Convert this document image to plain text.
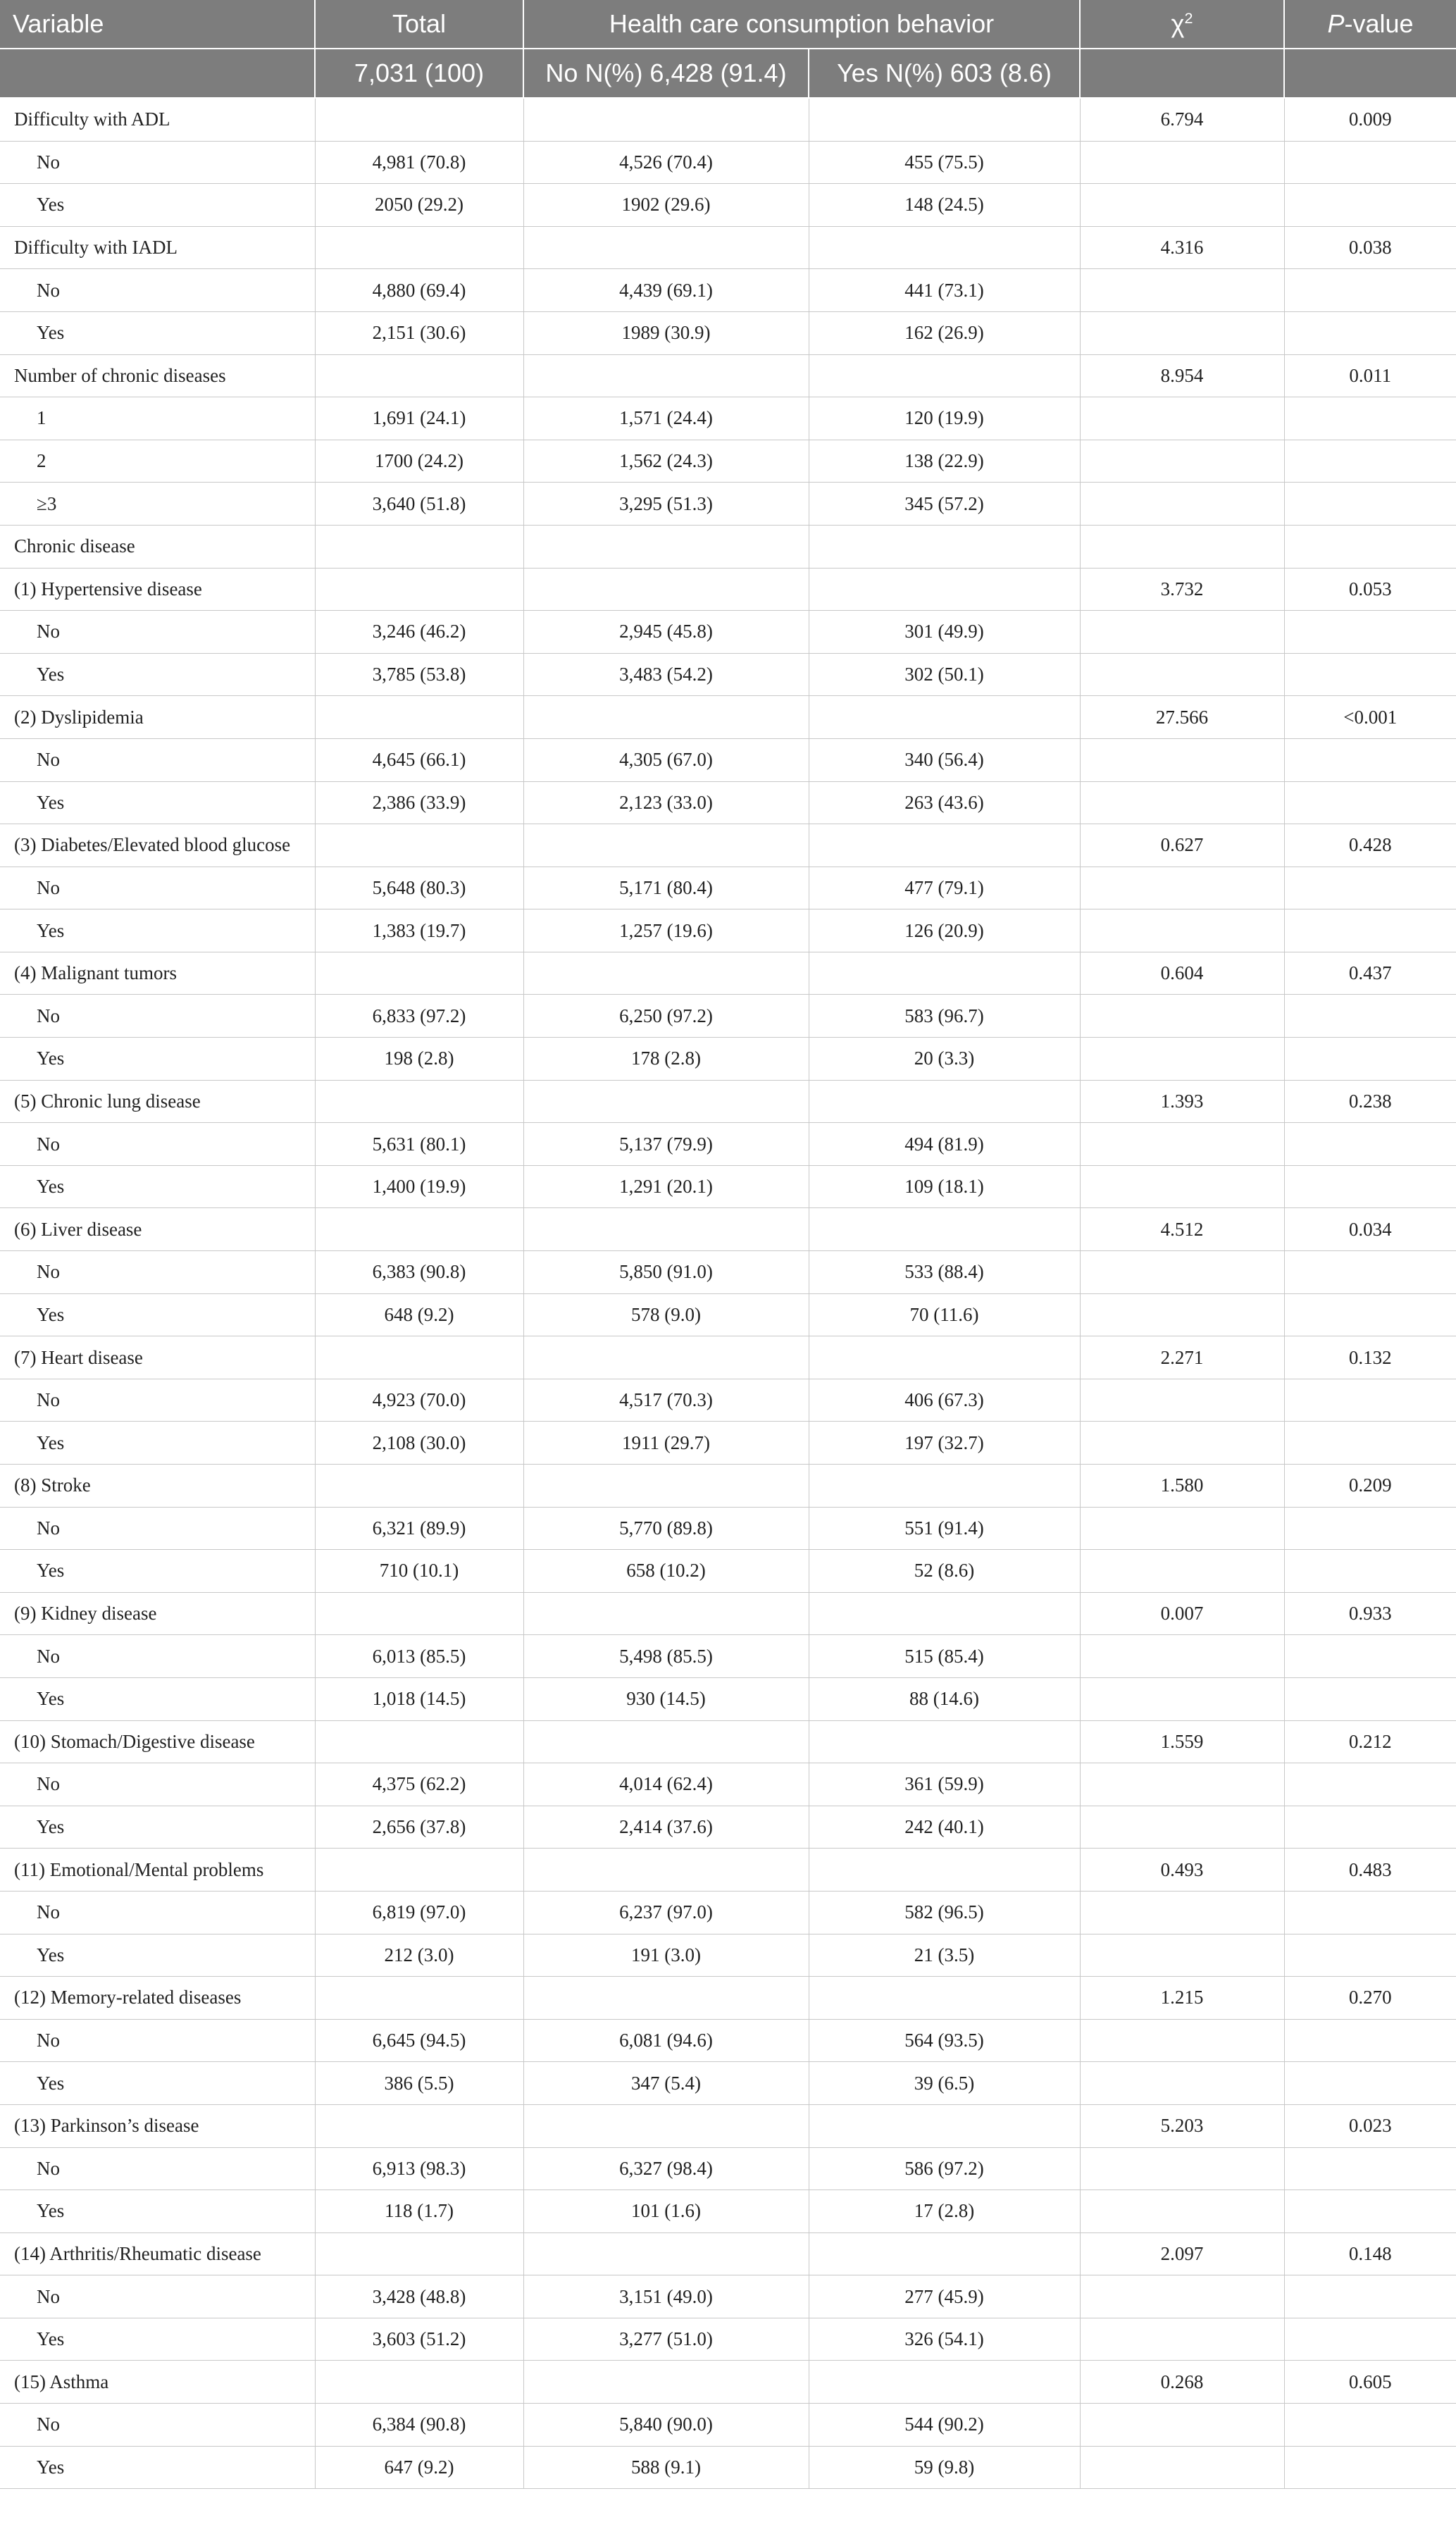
Variable	Total	Health care consumption behavior		$\chi^2$	P-value
	7,031 (100)	No N(%) 6,428 (91.4)	Yes N(%) 603 (8.6)		
Difficulty with ADL				6.794	0.009
No	4,981 (70.8)	4,526 (70.4)	455 (75.5)		
Yes	2050 (29.2)	1902 (29.6)	148 (24.5)		
Difficulty with IADL				4.316	0.038
No	4,880 (69.4)	4,439 (69.1)	441 (73.1)		
Yes	2,151 (30.6)	1989 (30.9)	162 (26.9)		
Number of chronic diseases				8.954	0.011
1	1,691 (24.1)	1,571 (24.4)	120 (19.9)		
2	1700 (24.2)	1,562 (24.3)	138 (22.9)		
≥3	3,640 (51.8)	3,295 (51.3)	345 (57.2)		
Chronic disease					
(1) Hypertensive disease				3.732	0.053
No	3,246 (46.2)	2,945 (45.8)	301 (49.9)		
Yes	3,785 (53.8)	3,483 (54.2)	302 (50.1)		
(2) Dyslipidemia				27.566	<0.001
No	4,645 (66.1)	4,305 (67.0)	340 (56.4)		
Yes	2,386 (33.9)	2,123 (33.0)	263 (43.6)		
(3) Diabetes/Elevated blood glucose				0.627	0.428
No	5,648 (80.3)	5,171 (80.4)	477 (79.1)		
Yes	1,383 (19.7)	1,257 (19.6)	126 (20.9)		
(4) Malignant tumors				0.604	0.437
No	6,833 (97.2)	6,250 (97.2)	583 (96.7)		
Yes	198 (2.8)	178 (2.8)	20 (3.3)		
(5) Chronic lung disease				1.393	0.238
No	5,631 (80.1)	5,137 (79.9)	494 (81.9)		
Yes	1,400 (19.9)	1,291 (20.1)	109 (18.1)		
(6) Liver disease				4.512	0.034
No	6,383 (90.8)	5,850 (91.0)	533 (88.4)		
Yes	648 (9.2)	578 (9.0)	70 (11.6)		
(7) Heart disease				2.271	0.132
No	4,923 (70.0)	4,517 (70.3)	406 (67.3)		
Yes	2,108 (30.0)	1911 (29.7)	197 (32.7)		
(8) Stroke				1.580	0.209
No	6,321 (89.9)	5,770 (89.8)	551 (91.4)		
Yes	710 (10.1)	658 (10.2)	52 (8.6)		
(9) Kidney disease				0.007	0.933
No	6,013 (85.5)	5,498 (85.5)	515 (85.4)		
Yes	1,018 (14.5)	930 (14.5)	88 (14.6)		
(10) Stomach/Digestive disease				1.559	0.212
No	4,375 (62.2)	4,014 (62.4)	361 (59.9)		
Yes	2,656 (37.8)	2,414 (37.6)	242 (40.1)		
(11) Emotional/Mental problems				0.493	0.483
No	6,819 (97.0)	6,237 (97.0)	582 (96.5)		
Yes	212 (3.0)	191 (3.0)	21 (3.5)		
(12) Memory-related diseases				1.215	0.270
No	6,645 (94.5)	6,081 (94.6)	564 (93.5)		
Yes	386 (5.5)	347 (5.4)	39 (6.5)		
(13) Parkinson’s disease				5.203	0.023
No	6,913 (98.3)	6,327 (98.4)	586 (97.2)		
Yes	118 (1.7)	101 (1.6)	17 (2.8)		
(14) Arthritis/Rheumatic disease				2.097	0.148
No	3,428 (48.8)	3,151 (49.0)	277 (45.9)		
Yes	3,603 (51.2)	3,277 (51.0)	326 (54.1)		
(15) Asthma				0.268	0.605
No	6,384 (90.8)	5,840 (90.0)	544 (90.2)		
Yes	647 (9.2)	588 (9.1)	59 (9.8)		
